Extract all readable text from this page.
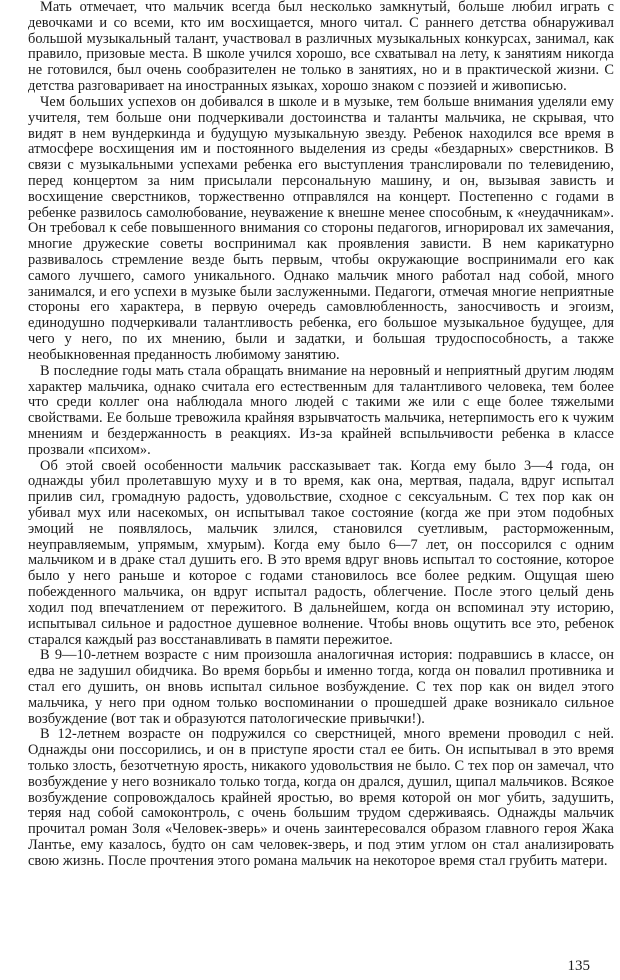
Мать отмечает, что мальчик всегда был несколько замкнутый, больше любил играть с девочками и со всеми, кто им восхищается, много читал. С раннего детства обнаруживал большой музыкальный талант, участвовал в различных музыкальных конкурсах, занимал, как правило, призовые места. В школе учился хорошо, все схватывал на лету, к занятиям никогда не готовился, был очень сообразителен не только в занятиях, но и в практической жизни. С детства разговаривает на иностранных языках, хорошо знаком с поэзией и живописью.

Чем больших успехов он добивался в школе и в музыке, тем больше внимания уделяли ему учителя, тем больше они подчеркивали достоинства и таланты мальчика, не скрывая, что видят в нем вундеркинда и будущую музыкальную звезду. Ребенок находился все время в атмосфере восхищения им и постоянного выделения из среды «бездарных» сверстников. В связи с музыкальными успехами ребенка его выступления транслировали по телевидению, перед концертом за ним присылали персональную машину, и он, вызывая зависть и восхищение сверстников, торжественно отправлялся на концерт. Постепенно с годами в ребенке развилось самолюбование, неуважение к внешне менее способным, к «неудачникам». Он требовал к себе повышенного внимания со стороны педагогов, игнорировал их замечания, многие дружеские советы воспринимал как проявления зависти. В нем карикатурно развивалось стремление везде быть первым, чтобы окружающие воспринимали его как самого лучшего, самого уникального. Однако мальчик много работал над собой, много занимался, и его успехи в музыке были заслуженными. Педагоги, отмечая многие неприятные стороны его характера, в первую очередь самовлюбленность, заносчивость и эгоизм, единодушно подчеркивали талантливость ребенка, его большое музыкальное будущее, для чего у него, по их мнению, были и задатки, и большая трудоспособность, а также необыкновенная преданность любимому занятию.

В последние годы мать стала обращать внимание на неровный и неприятный другим людям характер мальчика, однако считала его естественным для талантливого человека, тем более что среди коллег она наблюдала много людей с такими же или с еще более тяжелыми свойствами. Ее больше тревожила крайняя взрывчатость мальчика, нетерпимость его к чужим мнениям и бездержанность в реакциях. Из-за крайней вспыльчивости ребенка в классе прозвали «психом».

Об этой своей особенности мальчик рассказывает так. Когда ему было 3—4 года, он однажды убил пролетавшую муху и в то время, как она, мертвая, падала, вдруг испытал прилив сил, громадную радость, удовольствие, сходное с сексуальным. С тех пор как он убивал мух или насекомых, он испытывал такое состояние (когда же при этом подобных эмоций не появлялось, мальчик злился, становился суетливым, расторможенным, неуправляемым, упрямым, хмурым). Когда ему было 6—7 лет, он поссорился с одним мальчиком и в драке стал душить его. В это время вдруг вновь испытал то состояние, которое было у него раньше и которое с годами становилось все более редким. Ощущая шею побежденного мальчика, он вдруг испытал радость, облегчение. После этого целый день ходил под впечатлением от пережитого. В дальнейшем, когда он вспоминал эту историю, испытывал сильное и радостное душевное волнение. Чтобы вновь ощутить все это, ребенок старался каждый раз восстанавливать в памяти пережитое.

В 9—10-летнем возрасте с ним произошла аналогичная история: подравшись в классе, он едва не задушил обидчика. Во время борьбы и именно тогда, когда он повалил противника и стал его душить, он вновь испытал сильное возбуждение. С тех пор как он видел этого мальчика, у него при одном только воспоминании о прошедшей драке возникало сильное возбуждение (вот так и образуются патологические привычки!).

В 12-летнем возрасте он подружился со сверстницей, много времени проводил с ней. Однажды они поссорились, и он в приступе ярости стал ее бить. Он испытывал в это время только злость, безотчетную ярость, никакого удовольствия не было. С тех пор он замечал, что возбуждение у него возникало только тогда, когда он дрался, душил, щипал мальчиков. Всякое возбуждение сопровождалось крайней яростью, во время которой он мог убить, задушить, теряя над собой самоконтроль, с очень большим трудом сдерживаясь. Однажды мальчик прочитал роман Золя «Человек-зверь» и очень заинтересовался образом главного героя Жака Лантье, ему казалось, будто он сам человек-зверь, и под этим углом он стал анализировать свою жизнь. После прочтения этого романа мальчик на некоторое время стал грубить матери.

135
